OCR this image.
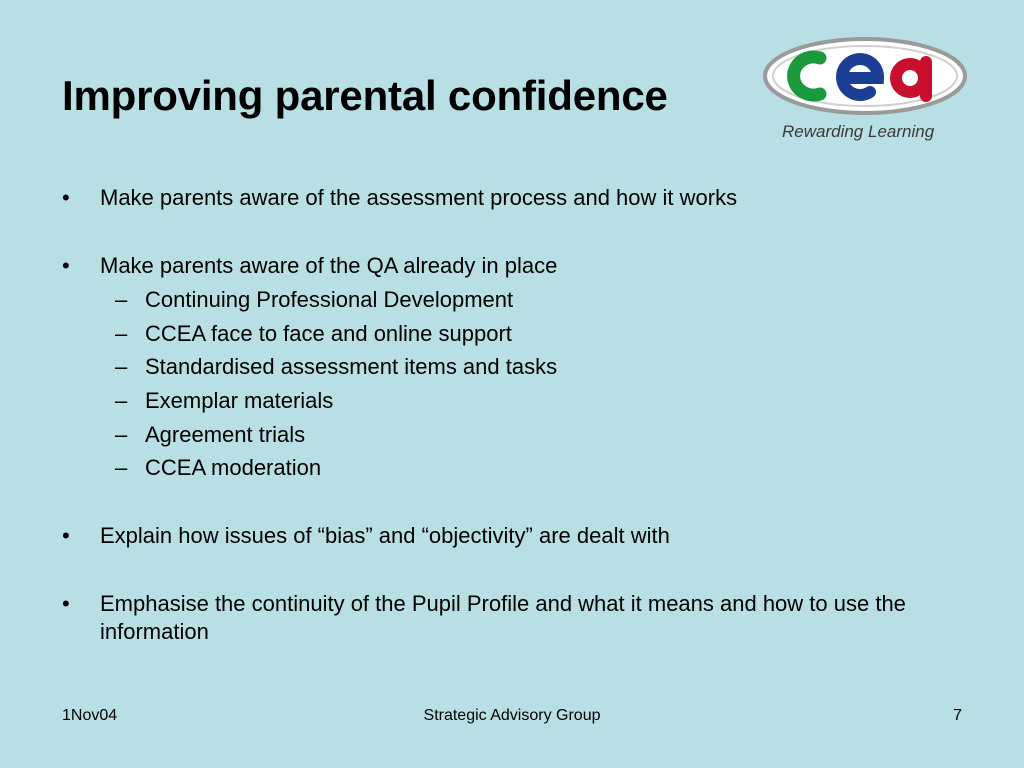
Improving parental confidence
Rewarding Learning
•	Make parents aware of the assessment process and how it works
•	Make parents aware of the QA already in place
– Continuing Professional Development
– CCEA face to face and online support
– Standardised assessment items and tasks
– Exemplar materials
– Agreement trials
– CCEA moderation
•	Explain how issues of “bias” and “objectivity” are dealt with
•	Emphasise the continuity of the Pupil Profile and what it means and how to use the information
1Nov04	Strategic Advisory Group	7
